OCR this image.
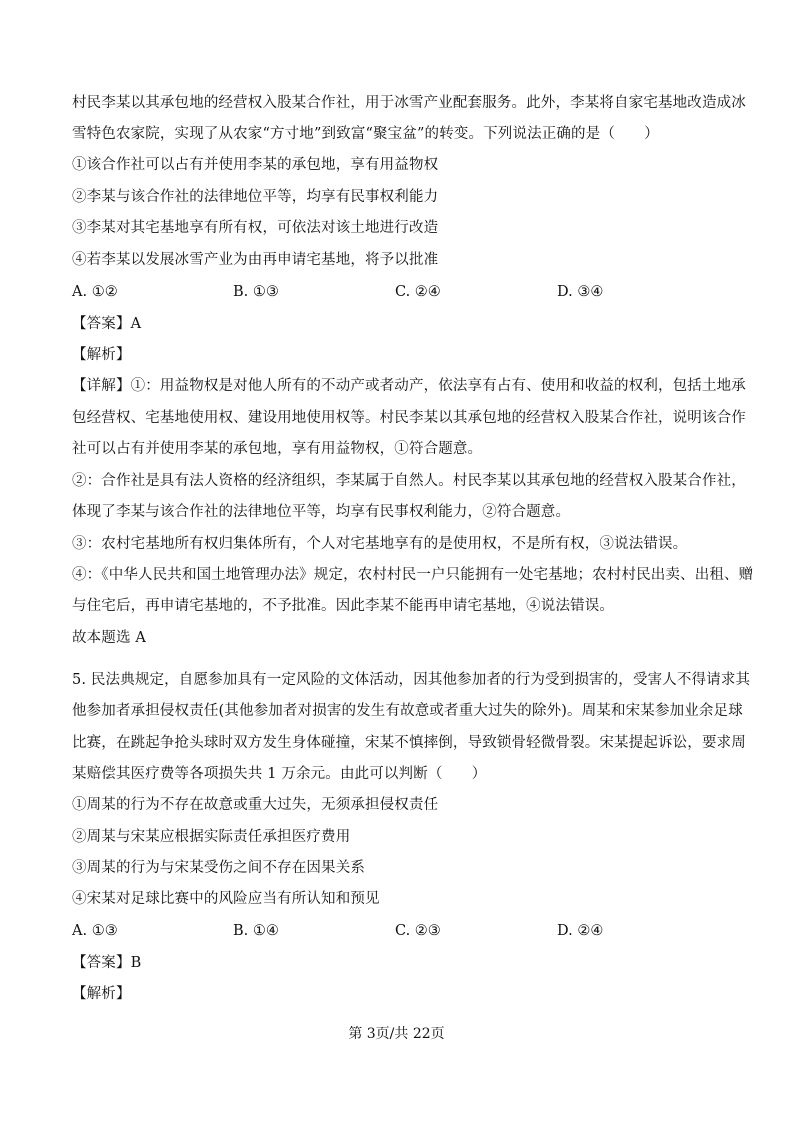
村民李某以其承包地的经营权入股某合作社，用于冰雪产业配套服务。此外，李某将自家宅基地改造成冰
雪特色农家院，实现了从农家“方寸地”到致富“聚宝盆”的转变。下列说法正确的是（　　）
①该合作社可以占有并使用李某的承包地，享有用益物权
②李某与该合作社的法律地位平等，均享有民事权利能力
③李某对其宅基地享有所有权，可依法对该土地进行改造
④若李某以发展冰雪产业为由再申请宅基地，将予以批准
A. ①②	B. ①③	C. ②④	D. ③④
【答案】A
【解析】
【详解】①：用益物权是对他人所有的不动产或者动产，依法享有占有、使用和收益的权利，包括土地承
包经营权、宅基地使用权、建设用地使用权等。村民李某以其承包地的经营权入股某合作社，说明该合作
社可以占有并使用李某的承包地，享有用益物权，①符合题意。
②：合作社是具有法人资格的经济组织，李某属于自然人。村民李某以其承包地的经营权入股某合作社，
体现了李某与该合作社的法律地位平等，均享有民事权利能力，②符合题意。
③：农村宅基地所有权归集体所有，个人对宅基地享有的是使用权，不是所有权，③说法错误。
④：《中华人民共和国土地管理办法》规定，农村村民一户只能拥有一处宅基地；农村村民出卖、出租、赠
与住宅后，再申请宅基地的，不予批准。因此李某不能再申请宅基地，④说法错误。
故本题选 A
5. 民法典规定，自愿参加具有一定风险的文体活动，因其他参加者的行为受到损害的，受害人不得请求其
他参加者承担侵权责任(其他参加者对损害的发生有故意或者重大过失的除外)。周某和宋某参加业余足球
比赛，在跳起争抢头球时双方发生身体碰撞，宋某不慎摔倒，导致锁骨轻微骨裂。宋某提起诉讼，要求周
某赔偿其医疗费等各项损失共 1 万余元。由此可以判断（　　）
①周某的行为不存在故意或重大过失，无须承担侵权责任
②周某与宋某应根据实际责任承担医疗费用
③周某的行为与宋某受伤之间不存在因果关系
④宋某对足球比赛中的风险应当有所认知和预见
A. ①③	B. ①④	C. ②③	D. ②④
【答案】B
【解析】
第 3页/共 22页
